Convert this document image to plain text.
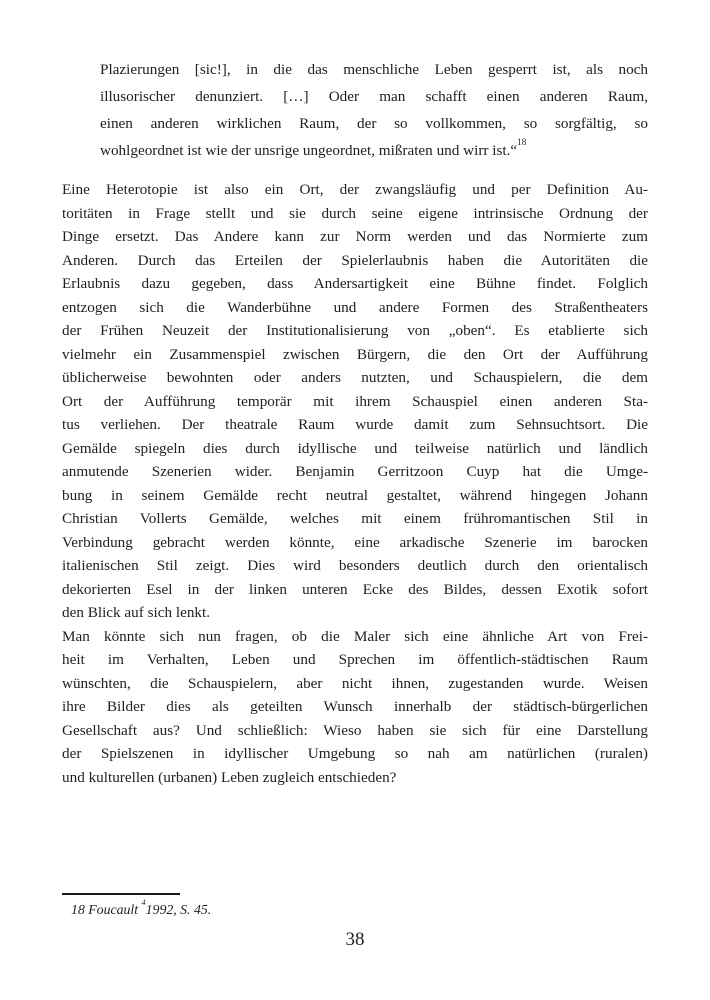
Plazierungen [sic!], in die das menschliche Leben gesperrt ist, als noch
illusorischer denunziert. […] Oder man schafft einen anderen Raum,
einen anderen wirklichen Raum, der so vollkommen, so sorgfältig, so
wohlgeordnet ist wie der unsrige ungeordnet, mißraten und wirr ist.“$^{18}$
Eine Heterotopie ist also ein Ort, der zwangsläufig und per Definition Au-
toritäten in Frage stellt und sie durch seine eigene intrinsische Ordnung der
Dinge ersetzt. Das Andere kann zur Norm werden und das Normierte zum
Anderen. Durch das Erteilen der Spielerlaubnis haben die Autoritäten die
Erlaubnis dazu gegeben, dass Andersartigkeit eine Bühne findet. Folglich
entzogen sich die Wanderbühne und andere Formen des Straßentheaters
der Frühen Neuzeit der Institutionalisierung von „oben“. Es etablierte sich
vielmehr ein Zusammenspiel zwischen Bürgern, die den Ort der Aufführung
üblicherweise bewohnten oder anders nutzten, und Schauspielern, die dem
Ort der Aufführung temporär mit ihrem Schauspiel einen anderen Sta-
tus verliehen. Der theatrale Raum wurde damit zum Sehnsuchtsort. Die
Gemälde spiegeln dies durch idyllische und teilweise natürlich und ländlich
anmutende Szenerien wider. Benjamin Gerritzoon Cuyp hat die Umge-
bung in seinem Gemälde recht neutral gestaltet, während hingegen Johann
Christian Vollerts Gemälde, welches mit einem frühromantischen Stil in
Verbindung gebracht werden könnte, eine arkadische Szenerie im barocken
italienischen Stil zeigt. Dies wird besonders deutlich durch den orientalisch
dekorierten Esel in der linken unteren Ecke des Bildes, dessen Exotik sofort
den Blick auf sich lenkt.
Man könnte sich nun fragen, ob die Maler sich eine ähnliche Art von Frei-
heit im Verhalten, Leben und Sprechen im öffentlich-städtischen Raum
wünschten, die Schauspielern, aber nicht ihnen, zugestanden wurde. Weisen
ihre Bilder dies als geteilten Wunsch innerhalb der städtisch-bürgerlichen
Gesellschaft aus? Und schließlich: Wieso haben sie sich für eine Darstellung
der Spielszenen in idyllischer Umgebung so nah am natürlichen (ruralen)
und kulturellen (urbanen) Leben zugleich entschieden?
18 Foucault $^4$1992, S. 45.
38
